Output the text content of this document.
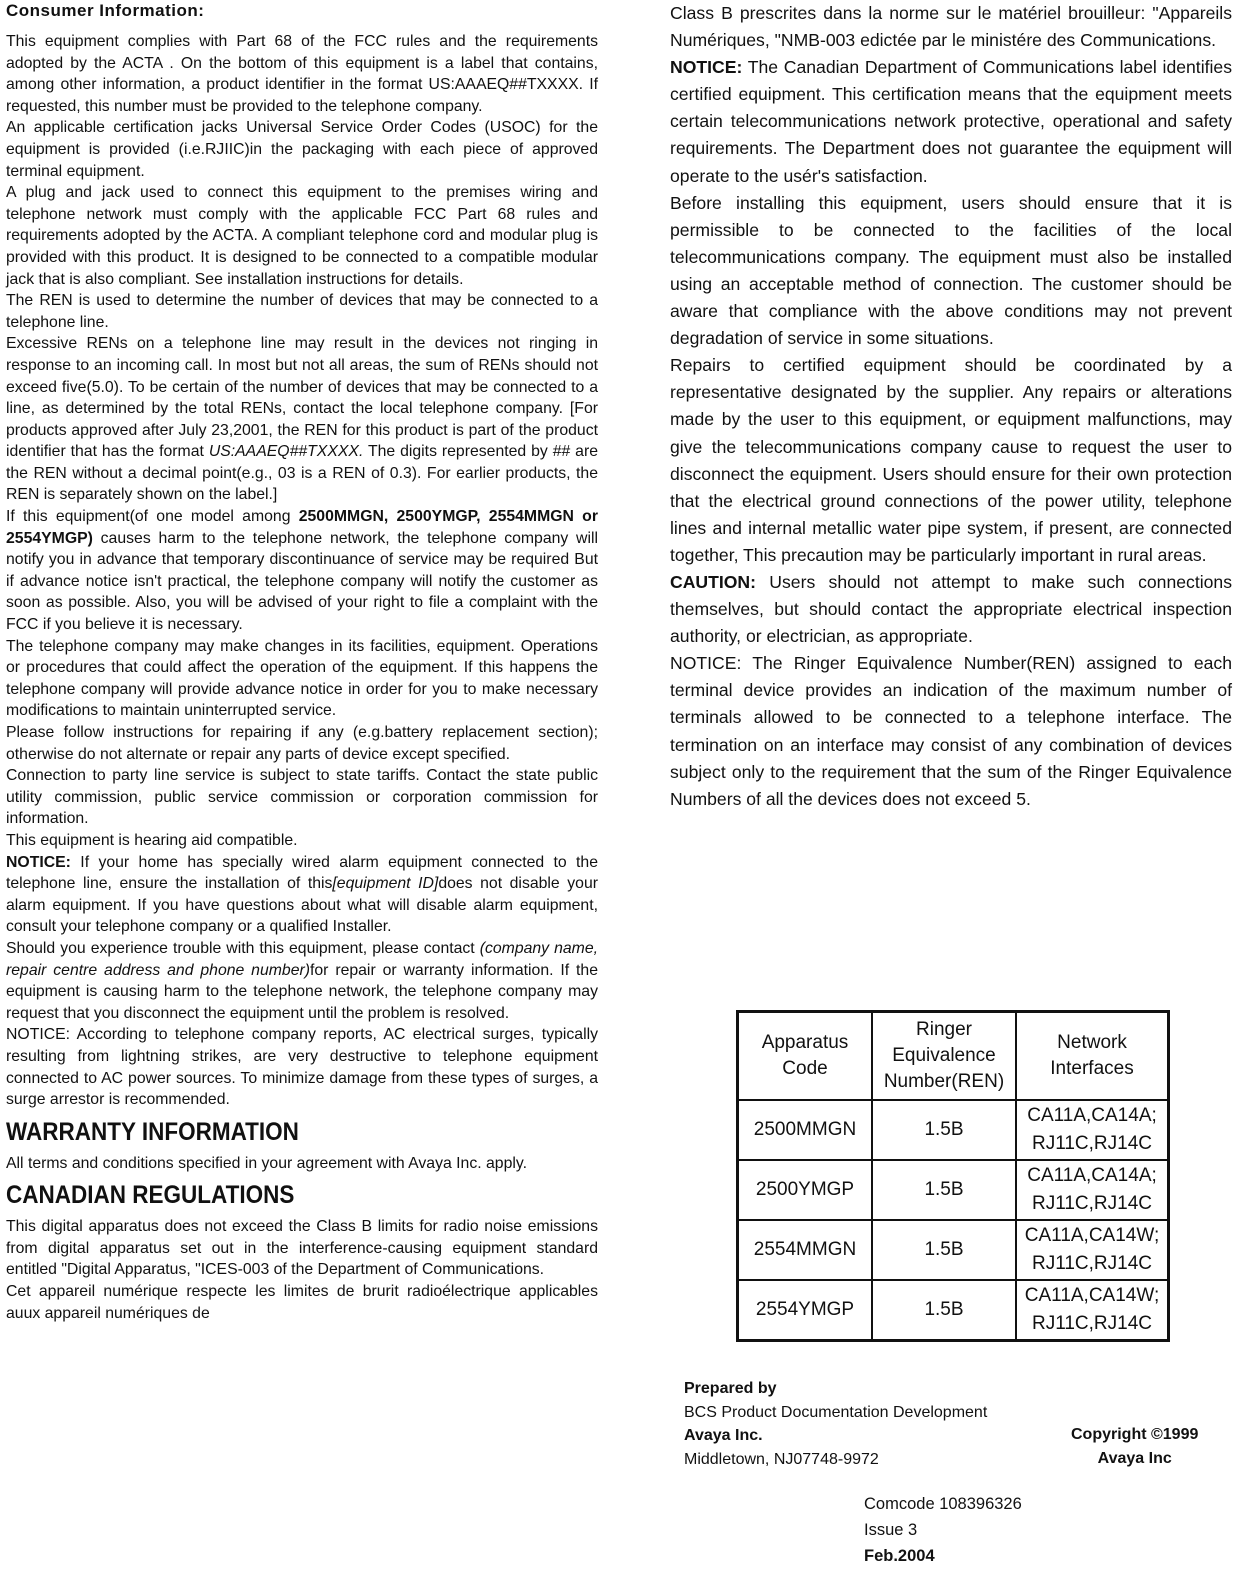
Consumer Information:

This equipment complies with Part 68 of the FCC rules and the requirements adopted by the ACTA . On the bottom of this equipment is a label that contains, among other information, a product identifier in the format US:AAAEQ##TXXXX. If requested, this number must be provided to the telephone company.

An applicable certification jacks Universal Service Order Codes (USOC) for the equipment is provided (i.e.RJIIC)in the packaging with each piece of approved terminal equipment.

A plug and jack used to connect this equipment to the premises wiring and telephone network must comply with the applicable FCC Part 68 rules and requirements adopted by the ACTA. A compliant telephone cord and modular plug is provided with this product. It is designed to be connected to a compatible modular jack that is also compliant. See installation instructions for details.

The REN is used to determine the number of devices that may be connected to a telephone line.

Excessive RENs on a telephone line may result in the devices not ringing in response to an incoming call. In most but not all areas, the sum of RENs should not exceed five(5.0). To be certain of the number of devices that may be connected to a line, as determined by the total RENs, contact the local telephone company. [For products approved after July 23,2001, the REN for this product is part of the product identifier that has the format US:AAAEQ##TXXXX. The digits represented by ## are the REN without a decimal point(e.g., 03 is a REN of 0.3). For earlier products, the REN is separately shown on the label.]

If this equipment(of one model among 2500MMGN, 2500YMGP, 2554MMGN or 2554YMGP) causes harm to the telephone network, the telephone company will notify you in advance that temporary discontinuance of service may be required But if advance notice isn't practical, the telephone company will notify the customer as soon as possible. Also, you will be advised of your right to file a complaint with the FCC if you believe it is necessary.

The telephone company may make changes in its facilities, equipment. Operations or procedures that could affect the operation of the equipment. If this happens the telephone company will provide advance notice in order for you to make necessary modifications to maintain uninterrupted service.

Please follow instructions for repairing if any (e.g.battery replacement section); otherwise do not alternate or repair any parts of device except specified.

Connection to party line service is subject to state tariffs. Contact the state public utility commission, public service commission or corporation commission for information.

This equipment is hearing aid compatible.

NOTICE: If your home has specially wired alarm equipment connected to the telephone line, ensure the installation of this[equipment ID]does not disable your alarm equipment. If you have questions about what will disable alarm equipment, consult your telephone company or a qualified Installer.

Should you experience trouble with this equipment, please contact (company name, repair centre address and phone number)for repair or warranty information. If the equipment is causing harm to the telephone network, the telephone company may request that you disconnect the equipment until the problem is resolved.

NOTICE: According to telephone company reports, AC electrical surges, typically resulting from lightning strikes, are very destructive to telephone equipment connected to AC power sources. To minimize damage from these types of surges, a surge arrestor is recommended.

WARRANTY INFORMATION

All terms and conditions specified in your agreement with Avaya Inc. apply.

CANADIAN REGULATIONS

This digital apparatus does not exceed the Class B limits for radio noise emissions from digital apparatus set out in the interference-causing equipment standard entitled "Digital Apparatus, "ICES-003 of the Department of Communications.

Cet appareil numérique respecte les limites de brurit radioélectrique applicables auux appareil numériques de

Class B prescrites dans la norme sur le matériel brouilleur: "Appareils Numériques, "NMB-003 edictée par le ministére des Communications.

NOTICE: The Canadian Department of Communications label identifies certified equipment. This certification means that the equipment meets certain telecommunications network protective, operational and safety requirements. The Department does not guarantee the equipment will operate to the usér's satisfaction.

Before installing this equipment, users should ensure that it is permissible to be connected to the facilities of the local telecommunications company. The equipment must also be installed using an acceptable method of connection. The customer should be aware that compliance with the above conditions may not prevent degradation of service in some situations.

Repairs to certified equipment should be coordinated by a representative designated by the supplier. Any repairs or alterations made by the user to this equipment, or equipment malfunctions, may give the telecommunications company cause to request the user to disconnect the equipment. Users should ensure for their own protection that the electrical ground connections of the power utility, telephone lines and internal metallic water pipe system, if present, are connected together, This precaution may be particularly important in rural areas.

CAUTION: Users should not attempt to make such connections themselves, but should contact the appropriate electrical inspection authority, or electrician, as appropriate.

NOTICE: The Ringer Equivalence Number(REN) assigned to each terminal device provides an indication of the maximum number of terminals allowed to be connected to a telephone interface. The termination on an interface may consist of any combination of devices subject only to the requirement that the sum of the Ringer Equivalence Numbers of all the devices does not exceed 5.

Apparatus Code	Ringer Equivalence Number(REN)	Network Interfaces
2500MMGN	1.5B	CA11A,CA14A;
RJ11C,RJ14C
2500YMGP	1.5B	CA11A,CA14A;
RJ11C,RJ14C
2554MMGN	1.5B	CA11A,CA14W;
RJ11C,RJ14C
2554YMGP	1.5B	CA11A,CA14W;
RJ11C,RJ14C
Prepared by
BCS Product Documentation Development
Avaya Inc.
Middletown, NJ07748-9972
Copyright ©1999
Avaya Inc
Comcode 108396326
Issue 3
Feb.2004
